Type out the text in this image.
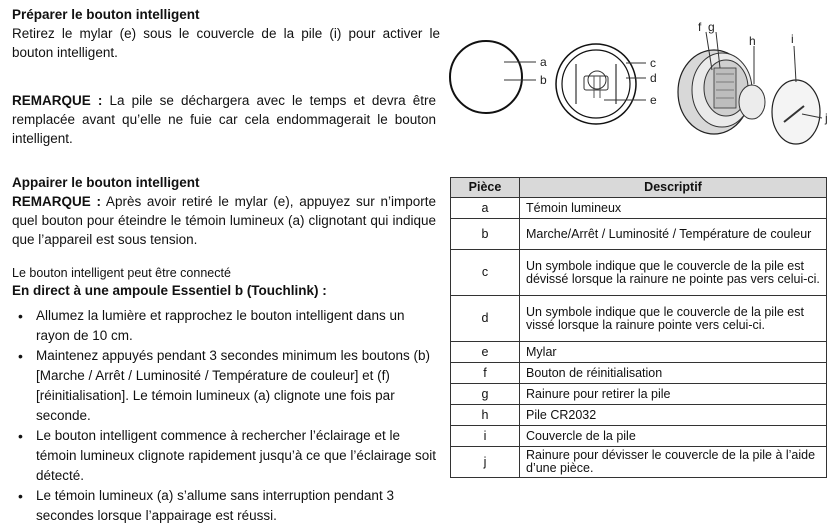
Préparer le bouton intelligent
Retirez le mylar (e) sous le couvercle de la pile (i) pour activer le bouton intelligent.
REMARQUE : La pile se déchargera avec le temps et devra être remplacée avant qu’elle ne fuie car cela endommagerait le bouton intelligent.
Appairer le bouton intelligent
REMARQUE : Après avoir retiré le mylar (e), appuyez sur n’importe quel bouton pour éteindre le témoin lumineux (a) clignotant qui indique que l’appareil est sous tension.
Le bouton intelligent peut être connecté
En direct à une ampoule Essentiel b (Touchlink) :
• Allumez la lumière et rapprochez le bouton intelligent dans un rayon de 10 cm.
• Maintenez appuyés pendant 3 secondes minimum les boutons (b) [Marche / Arrêt / Luminosité / Température de couleur] et (f) [réinitialisation]. Le témoin lumineux (a) clignote une fois par seconde.
• Le bouton intelligent commence à rechercher l’éclairage et le témoin lumineux clignote rapidement jusqu’à ce que l’éclairage soit détecté.
• Le témoin lumineux (a) s’allume sans interruption pendant 3 secondes lorsque l’appairage est réussi.
a
b
c
d
e
f g
h	i
j
Pièce	Descriptif
a	Témoin lumineux
b	Marche/Arrêt / Luminosité / Température de couleur
c	Un symbole indique que le couvercle de la pile est dévissé lorsque la rainure ne pointe pas vers celui-ci.
d	Un symbole indique que le couvercle de la pile est vissé lorsque la rainure pointe vers celui-ci.
e	Mylar
f	Bouton de réinitialisation
g	Rainure pour retirer la pile
h	Pile CR2032
i	Couvercle de la pile
j	Rainure pour dévisser le couvercle de la pile à l’aide d’une pièce.
